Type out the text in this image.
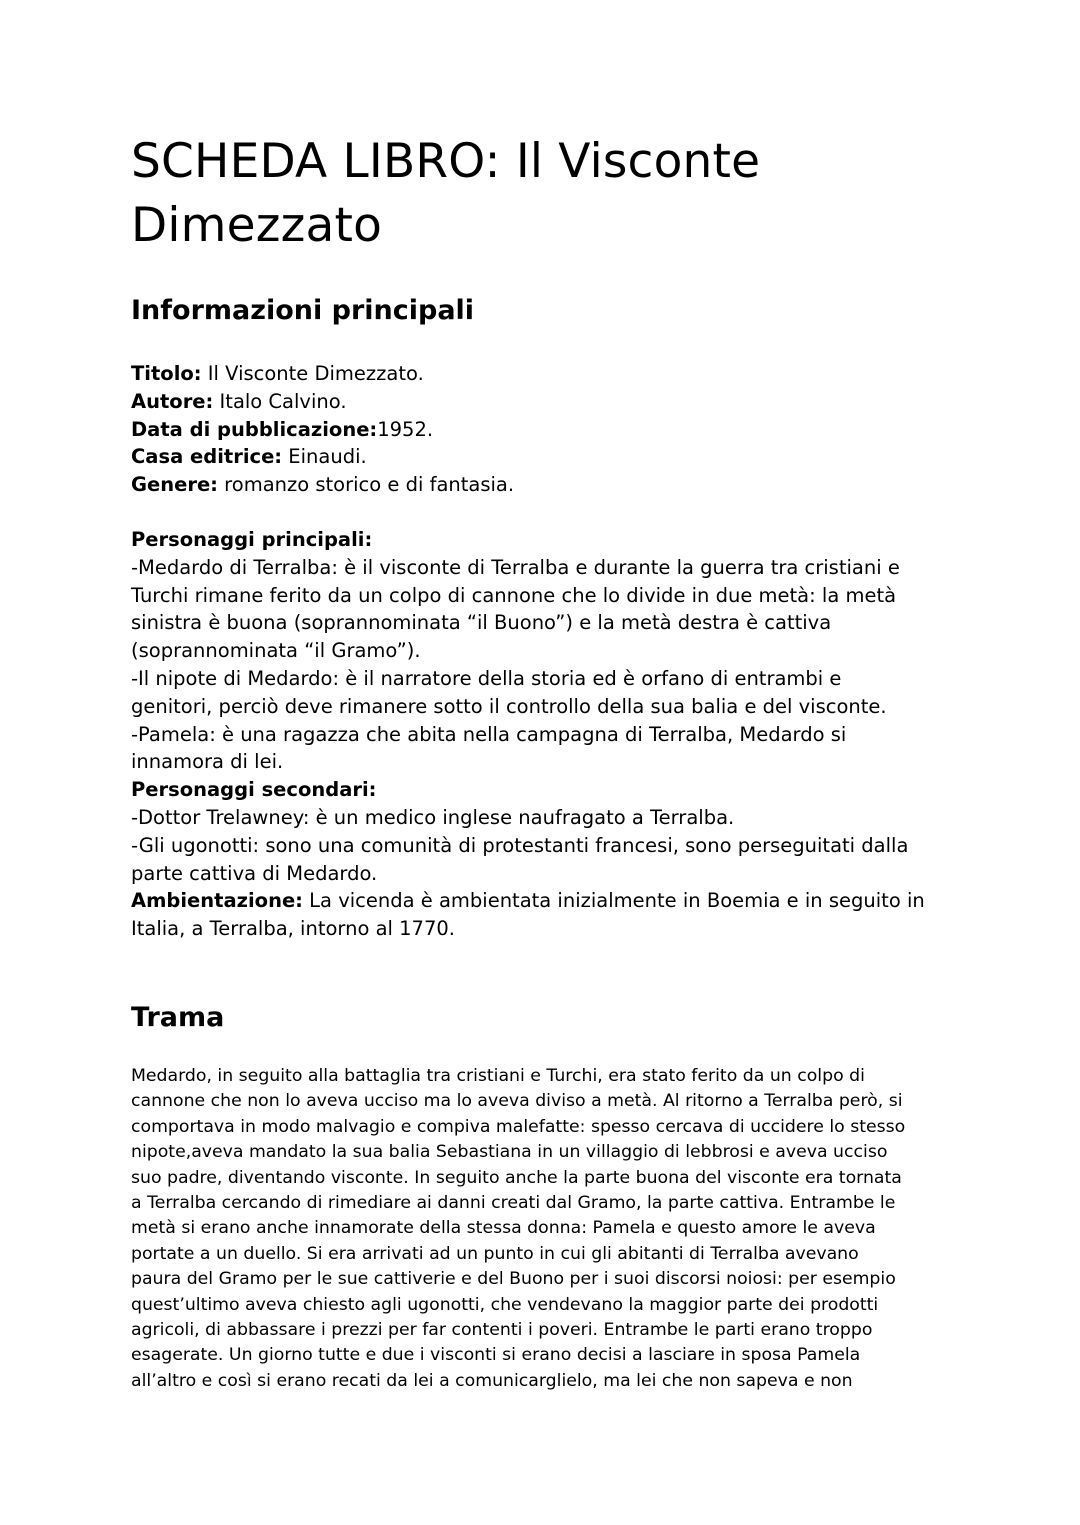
SCHEDA LIBRO: Il Visconte
Dimezzato
Informazioni principali
Titolo: Il Visconte Dimezzato.
Autore: Italo Calvino.
Data di pubblicazione:1952.
Casa editrice: Einaudi.
Genere: romanzo storico e di fantasia.
Personaggi principali:
-Medardo di Terralba: è il visconte di Terralba e durante la guerra tra cristiani e
Turchi rimane ferito da un colpo di cannone che lo divide in due metà: la metà
sinistra è buona (soprannominata “il Buono”) e la metà destra è cattiva
(soprannominata “il Gramo”).
-Il nipote di Medardo: è il narratore della storia ed è orfano di entrambi e
genitori, perciò deve rimanere sotto il controllo della sua balia e del visconte.
-Pamela: è una ragazza che abita nella campagna di Terralba, Medardo si
innamora di lei.
Personaggi secondari:
-Dottor Trelawney: è un medico inglese naufragato a Terralba.
-Gli ugonotti: sono una comunità di protestanti francesi, sono perseguitati dalla
parte cattiva di Medardo.
Ambientazione: La vicenda è ambientata inizialmente in Boemia e in seguito in
Italia, a Terralba, intorno al 1770.
Trama
Medardo, in seguito alla battaglia tra cristiani e Turchi, era stato ferito da un colpo di
cannone che non lo aveva ucciso ma lo aveva diviso a metà. Al ritorno a Terralba però, si
comportava in modo malvagio e compiva malefatte: spesso cercava di uccidere lo stesso
nipote,aveva mandato la sua balia Sebastiana in un villaggio di lebbrosi e aveva ucciso
suo padre, diventando visconte. In seguito anche la parte buona del visconte era tornata
a Terralba cercando di rimediare ai danni creati dal Gramo, la parte cattiva. Entrambe le
metà si erano anche innamorate della stessa donna: Pamela e questo amore le aveva
portate a un duello. Si era arrivati ad un punto in cui gli abitanti di Terralba avevano
paura del Gramo per le sue cattiverie e del Buono per i suoi discorsi noiosi: per esempio
quest’ultimo aveva chiesto agli ugonotti, che vendevano la maggior parte dei prodotti
agricoli, di abbassare i prezzi per far contenti i poveri. Entrambe le parti erano troppo
esagerate. Un giorno tutte e due i visconti si erano decisi a lasciare in sposa Pamela
all’altro e così si erano recati da lei a comunicarglielo, ma lei che non sapeva e non
